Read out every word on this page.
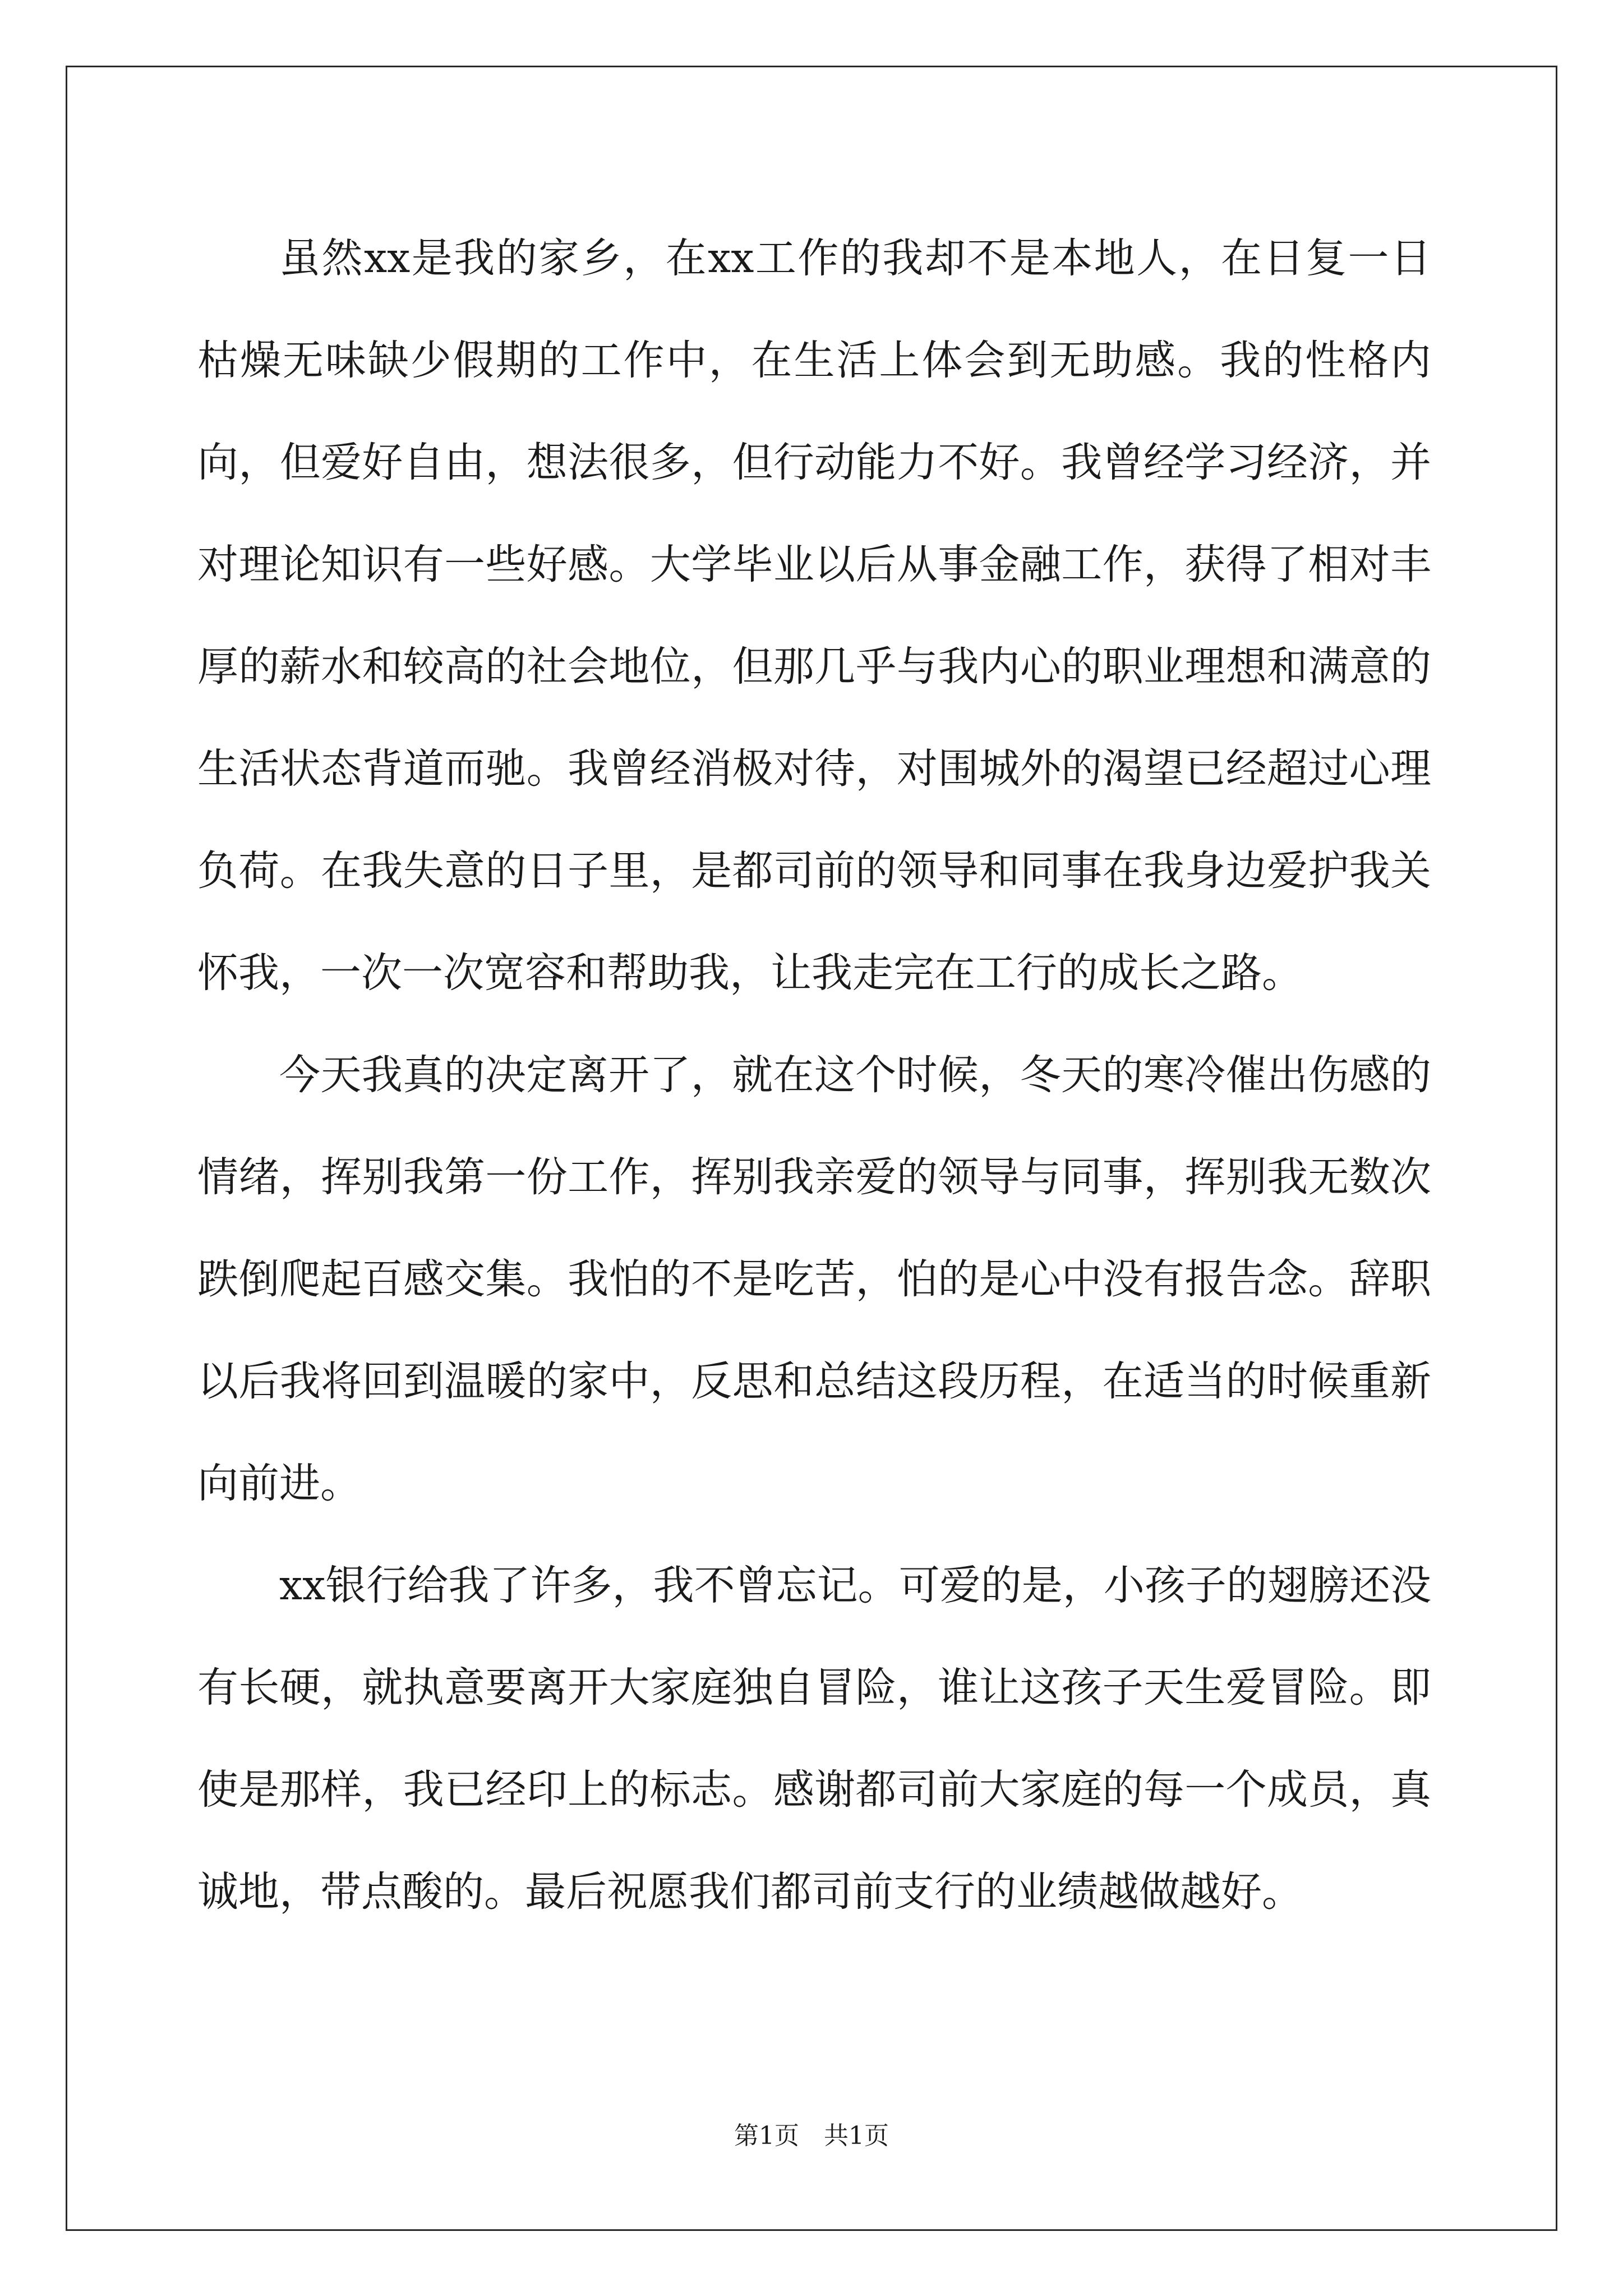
虽然xx是我的家乡，在xx工作的我却不是本地人，在日复一日枯燥无味缺少假期的工作中，在生活上体会到无助感。我的性格内向，但爱好自由，想法很多，但行动能力不好。我曾经学习经济，并对理论知识有一些好感。大学毕业以后从事金融工作，获得了相对丰厚的薪水和较高的社会地位，但那几乎与我内心的职业理想和满意的生活状态背道而驰。我曾经消极对待，对围城外的渴望已经超过心理负荷。在我失意的日子里，是都司前的领导和同事在我身边爱护我关怀我，一次一次宽容和帮助我，让我走完在工行的成长之路。

今天我真的决定离开了，就在这个时候，冬天的寒冷催出伤感的情绪，挥别我第一份工作，挥别我亲爱的领导与同事，挥别我无数次跌倒爬起百感交集。我怕的不是吃苦，怕的是心中没有报告念。辞职以后我将回到温暖的家中，反思和总结这段历程，在适当的时候重新向前进。

xx银行给我了许多，我不曾忘记。可爱的是，小孩子的翅膀还没有长硬，就执意要离开大家庭独自冒险，谁让这孩子天生爱冒险。即使是那样，我已经印上的标志。感谢都司前大家庭的每一个成员，真诚地，带点酸的。最后祝愿我们都司前支行的业绩越做越好。

第1页 共1页
